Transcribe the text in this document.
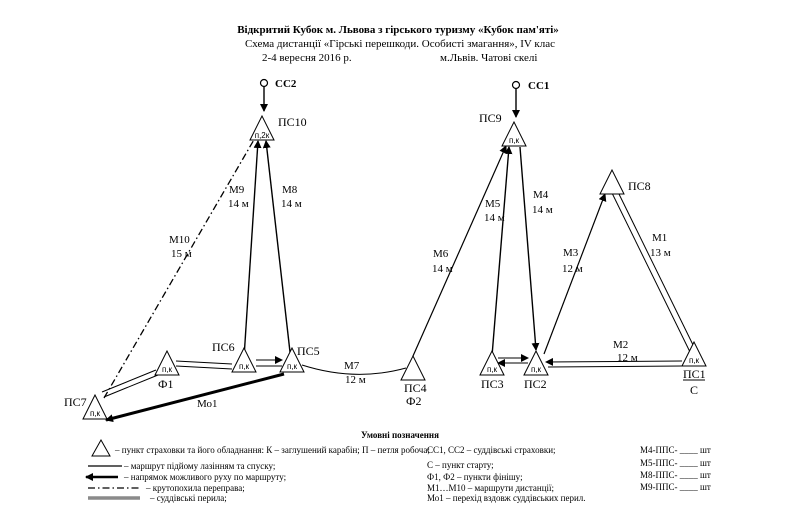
Відкритий Кубок м. Львова з гірського туризму «Кубок пам'яті»
Схема дистанції «Гірські перешкоди. Особисті змагання», IV клас
2-4 вересня 2016 р.	м.Львів. Чатові скелі
СС2	СС1
п,2к
ПС10
п,к
ПС9
ПС8
п,к
ПС6
п,к
ПС5
п,к
Ф1
п,к
ПС7
ПС4
Ф2
п,к
ПС3
п,к
ПС2
п,к
ПС1
С
М10
15 м
М9
14 м
М8
14 м
М6
14 м
М5
14 м
М4
14 м
М3
12 м
М1
13 м
М2
12 м
М7
12 м
Мо1
Умовні позначення
– пункт страховки та його обладнання: К – заглушений карабін; П – петля робоча;
– маршрут підйому лазінням та спуску;
– напрямок можливого руху по маршруту;
– крутопохила переправа;
– суддівські перила;
СС1, СС2 – суддівські страховки;
С – пункт старту;
Ф1, Ф2 – пункти фінішу;
М1…М10 – маршрути дистанції;
Мо1 – перехід вздовж суддівських перил.
М4-ППС- ____ шт
М5-ППС- ____ шт
М8-ППС- ____ шт
М9-ППС- ____ шт
